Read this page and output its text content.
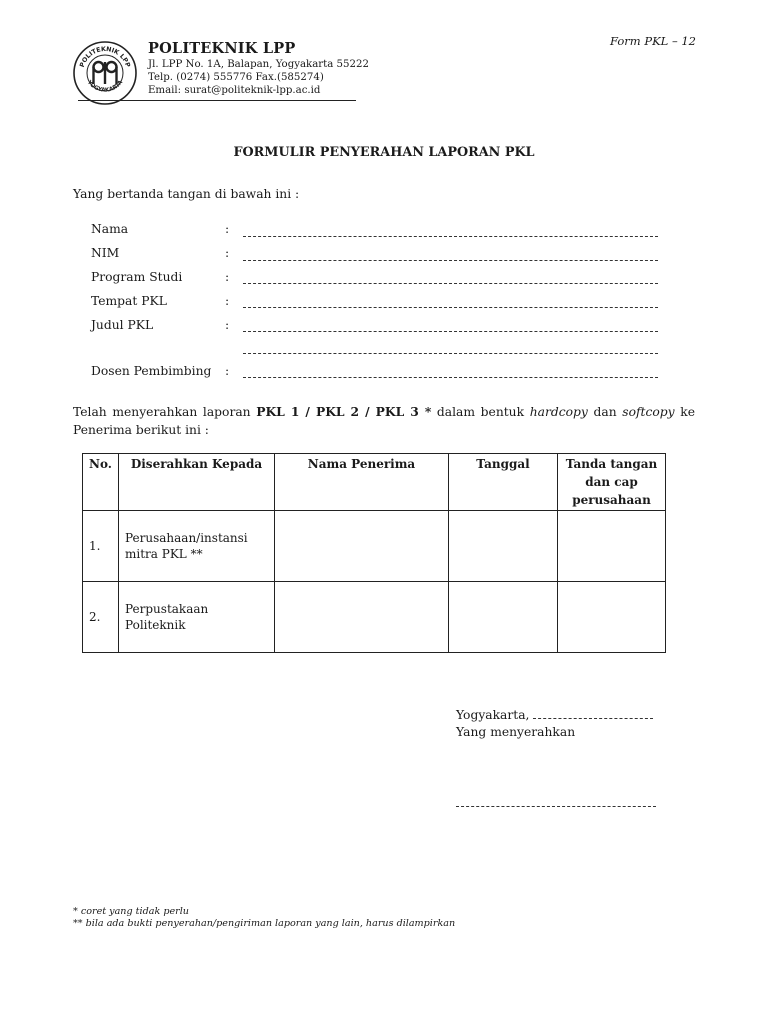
Form PKL – 12
POLITEKNIK LPP
YOGYAKARTA
POLITEKNIK LPP
Jl. LPP No. 1A, Balapan, Yogyakarta 55222
Telp. (0274) 555776 Fax.(585274)
Email: surat@politeknik-lpp.ac.id
FORMULIR PENYERAHAN LAPORAN PKL
Yang bertanda tangan di bawah ini :
Nama	:
NIM	:
Program Studi	:
Tempat PKL	:
Judul PKL	:
Dosen Pembimbing :
Telah menyerahkan laporan PKL 1 / PKL 2 / PKL 3 * dalam bentuk hardcopy dan softcopy ke Penerima berikut ini :
No.	Diserahkan Kepada	Nama Penerima	Tanggal	Tanda tangan dan cap perusahaan
1.	Perusahaan/instansi mitra PKL **			
2.	Perpustakaan Politeknik			
Yogyakarta,
Yang menyerahkan
* coret yang tidak perlu
** bila ada bukti penyerahan/pengiriman laporan yang lain, harus dilampirkan
